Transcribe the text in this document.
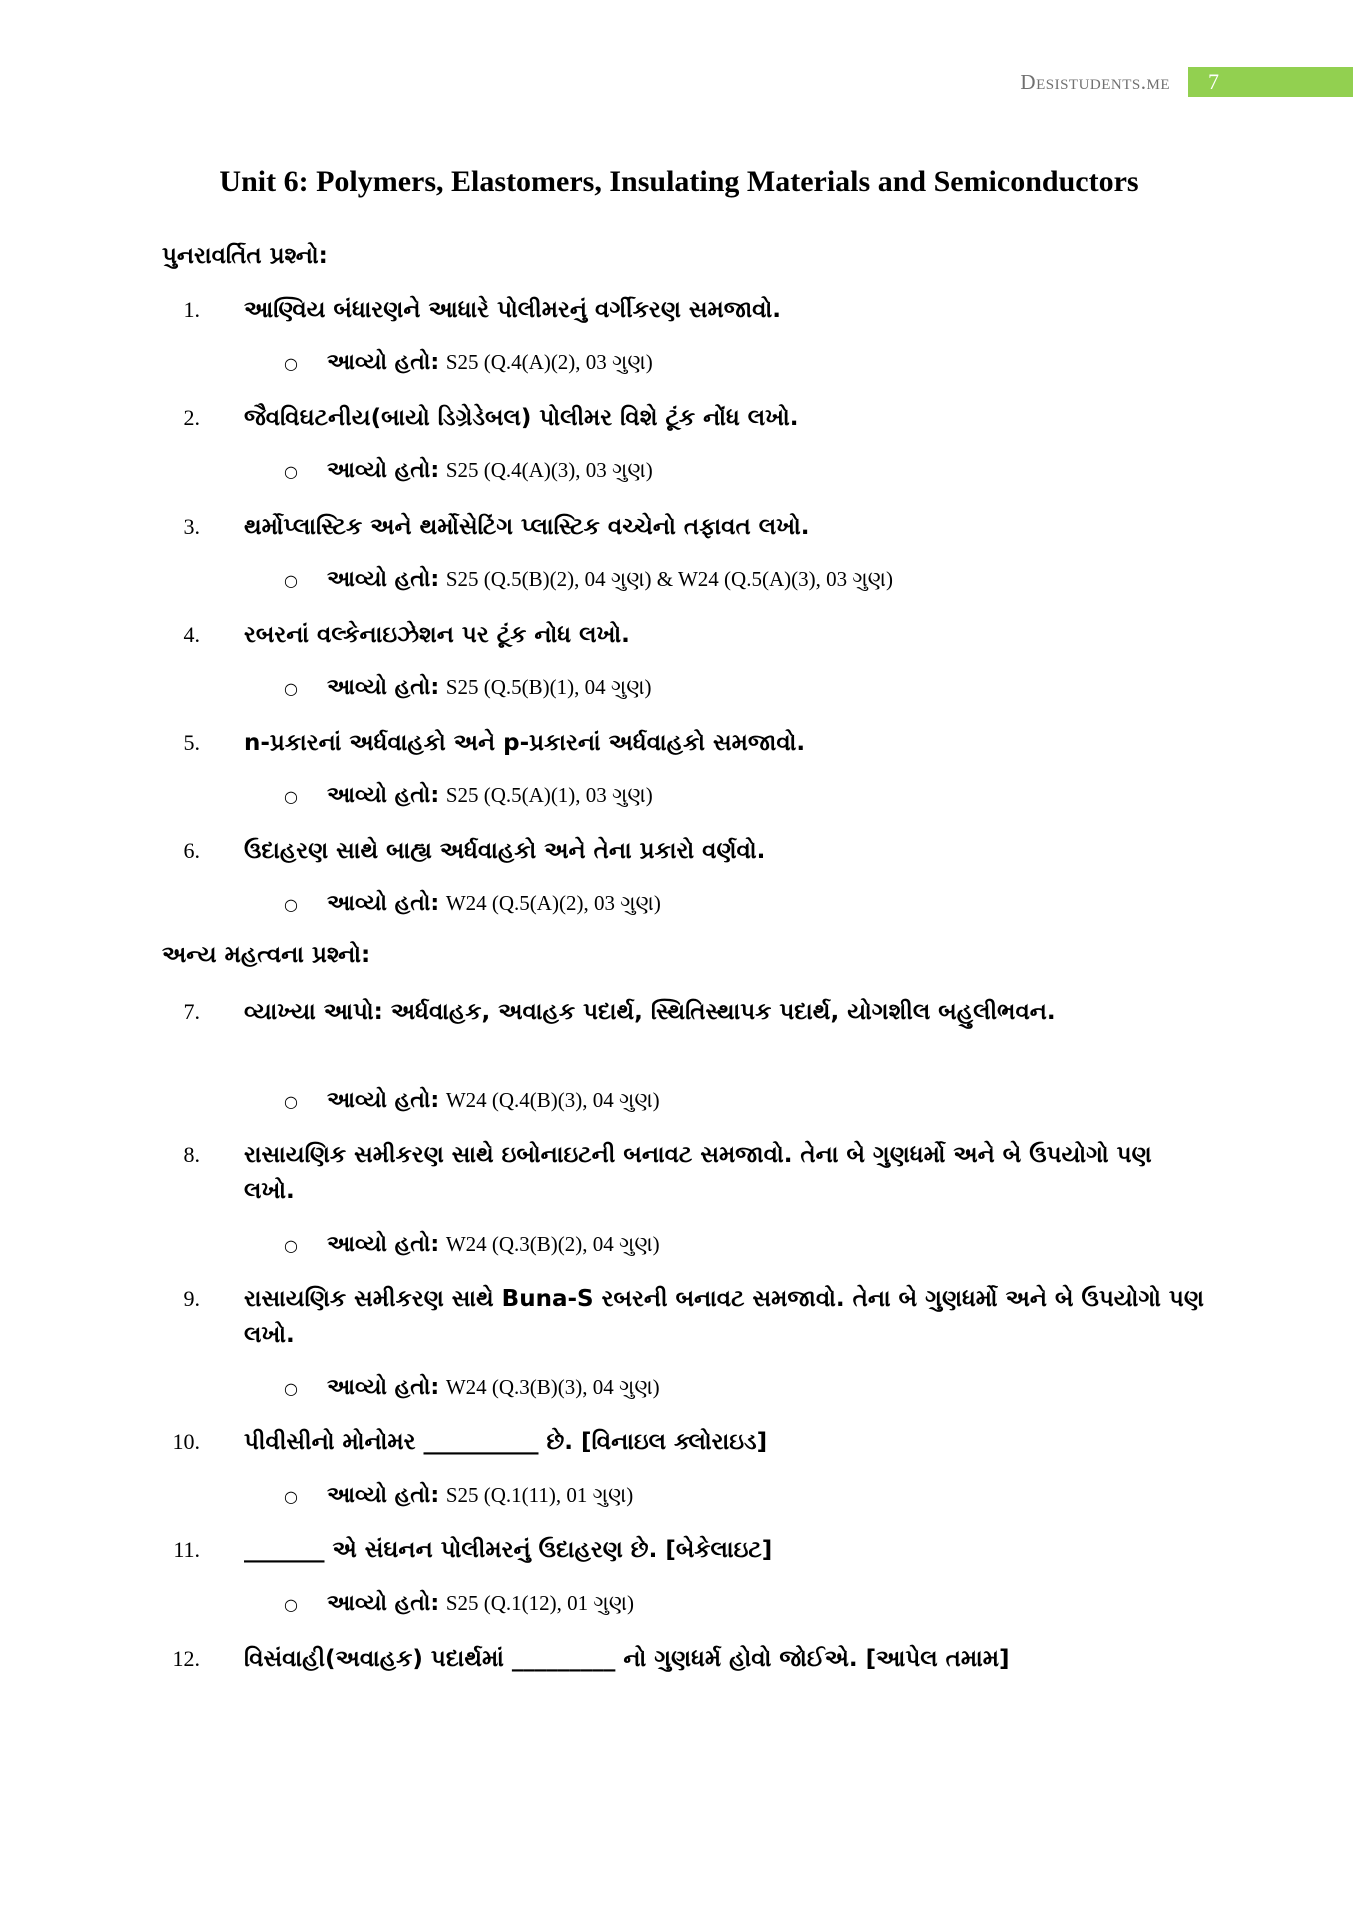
Desistudents.me	7
Unit 6: Polymers, Elastomers, Insulating Materials and Semiconductors
પુનરાવર્તિત પ્રશ્નો:
1.	આણ્વિય બંધારણને આધારે પોલીમરનું વર્ગીકરણ સમજાવો.
○ આવ્યો હતો: S25 (Q.4(A)(2), 03 ગુણ)
2.	જૈવવિઘટનીય(બાયો ડિગ્રેડેબલ) પોલીમર વિશે ટૂંક નોંધ લખો.
○ આવ્યો હતો: S25 (Q.4(A)(3), 03 ગુણ)
3.	થર્મોપ્લાસ્ટિક અને થર્મોસેટિંગ પ્લાસ્ટિક વચ્ચેનો તફાવત લખો.
○ આવ્યો હતો: S25 (Q.5(B)(2), 04 ગુણ) & W24 (Q.5(A)(3), 03 ગુણ)
4.	રબરનાં વલ્કેનાઇઝેશન પર ટૂંક નોધ લખો.
○ આવ્યો હતો: S25 (Q.5(B)(1), 04 ગુણ)
5.	n-પ્રકારનાં અર્ધવાહકો અને p-પ્રકારનાં અર્ધવાહકો સમજાવો.
○ આવ્યો હતો: S25 (Q.5(A)(1), 03 ગુણ)
6.	ઉદાહરણ સાથે બાહ્ય અર્ધવાહકો અને તેના પ્રકારો વર્ણવો.
○ આવ્યો હતો: W24 (Q.5(A)(2), 03 ગુણ)
અન્ય મહત્વના પ્રશ્નો:
7.	વ્યાખ્યા આપો: અર્ધવાહક, અવાહક પદાર્થ, સ્થિતિસ્થાપક પદાર્થ, યોગશીલ બહુલીભવન.
○ આવ્યો હતો: W24 (Q.4(B)(3), 04 ગુણ)
8.	રાસાયણિક સમીકરણ સાથે ઇબોનાઇટની બનાવટ સમજાવો. તેના બે ગુણધર્મો અને બે ઉપયોગો પણ લખો.
○ આવ્યો હતો: W24 (Q.3(B)(2), 04 ગુણ)
9.	રાસાયણિક સમીકરણ સાથે Buna-S રબરની બનાવટ સમજાવો. તેના બે ગુણધર્મો અને બે ઉપયોગો પણ લખો.
○ આવ્યો હતો: W24 (Q.3(B)(3), 04 ગુણ)
10.	પીવીસીનો મોનોમર __________ છે. [વિનાઇલ ક્લોરાઇડ]
○ આવ્યો હતો: S25 (Q.1(11), 01 ગુણ)
11.	_______ એ સંઘનન પોલીમરનું ઉદાહરણ છે. [બેકેલાઇટ]
○ આવ્યો હતો: S25 (Q.1(12), 01 ગુણ)
12.	વિસંવાહી(અવાહક) પદાર્થમાં _________ નો ગુણધર્મ હોવો જોઈએ. [આપેલ તમામ]
